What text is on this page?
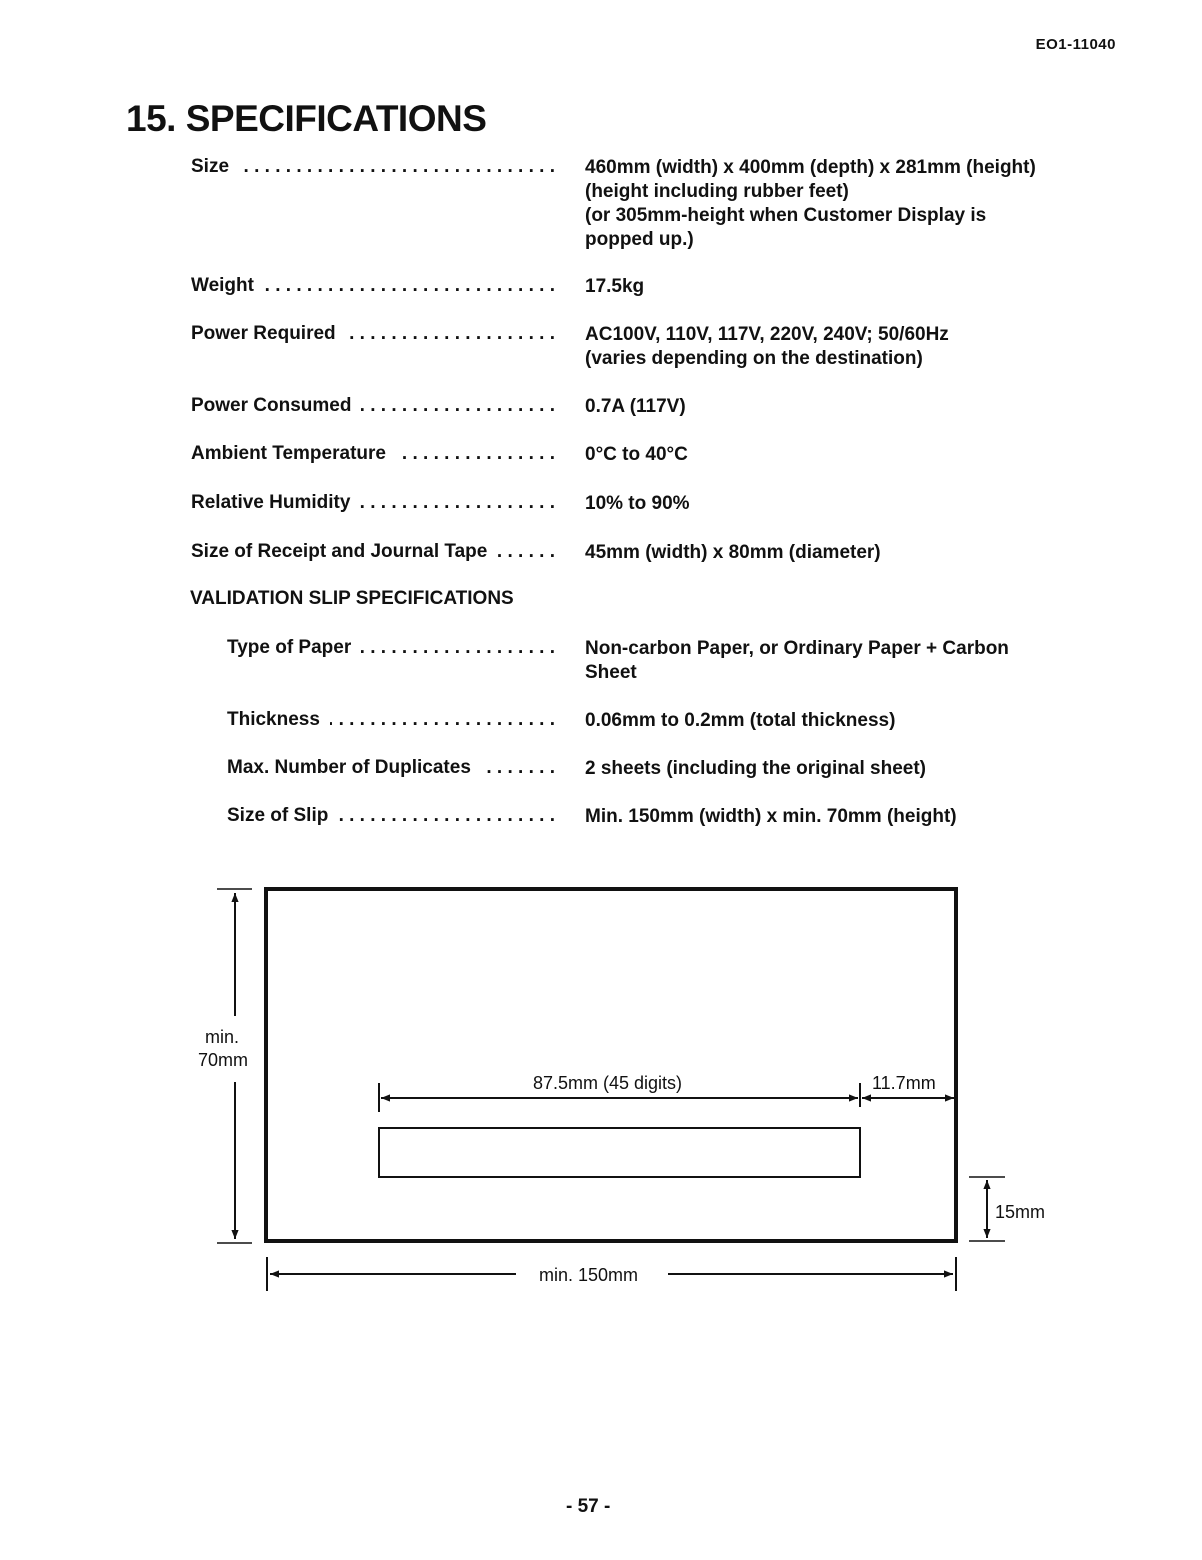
EO1-11040
15. SPECIFICATIONS
Size . . .	460mm (width) x 400mm (depth) x 281mm (height)
(height including rubber feet)
(or 305mm-height when Customer Display is
popped up.)
Weight . . .	17.5kg
Power Required . . .	AC100V, 110V, 117V, 220V, 240V; 50/60Hz
(varies depending on the destination)
Power Consumed . . .	0.7A (117V)
Ambient Temperature . . .	0°C to 40°C
Relative Humidity . . .	10% to 90%
Size of Receipt and Journal Tape . . .	45mm (width) x 80mm (diameter)
VALIDATION SLIP SPECIFICATIONS
Type of Paper . . .	Non-carbon Paper, or Ordinary Paper + Carbon
Sheet
Thickness . . .	0.06mm to 0.2mm (total thickness)
Max. Number of Duplicates . . .	2 sheets (including the original sheet)
Size of Slip . . .	Min. 150mm (width) x min. 70mm (height)
min.
70mm
87.5mm (45 digits)	11.7mm
15mm
min. 150mm
- 57 -
